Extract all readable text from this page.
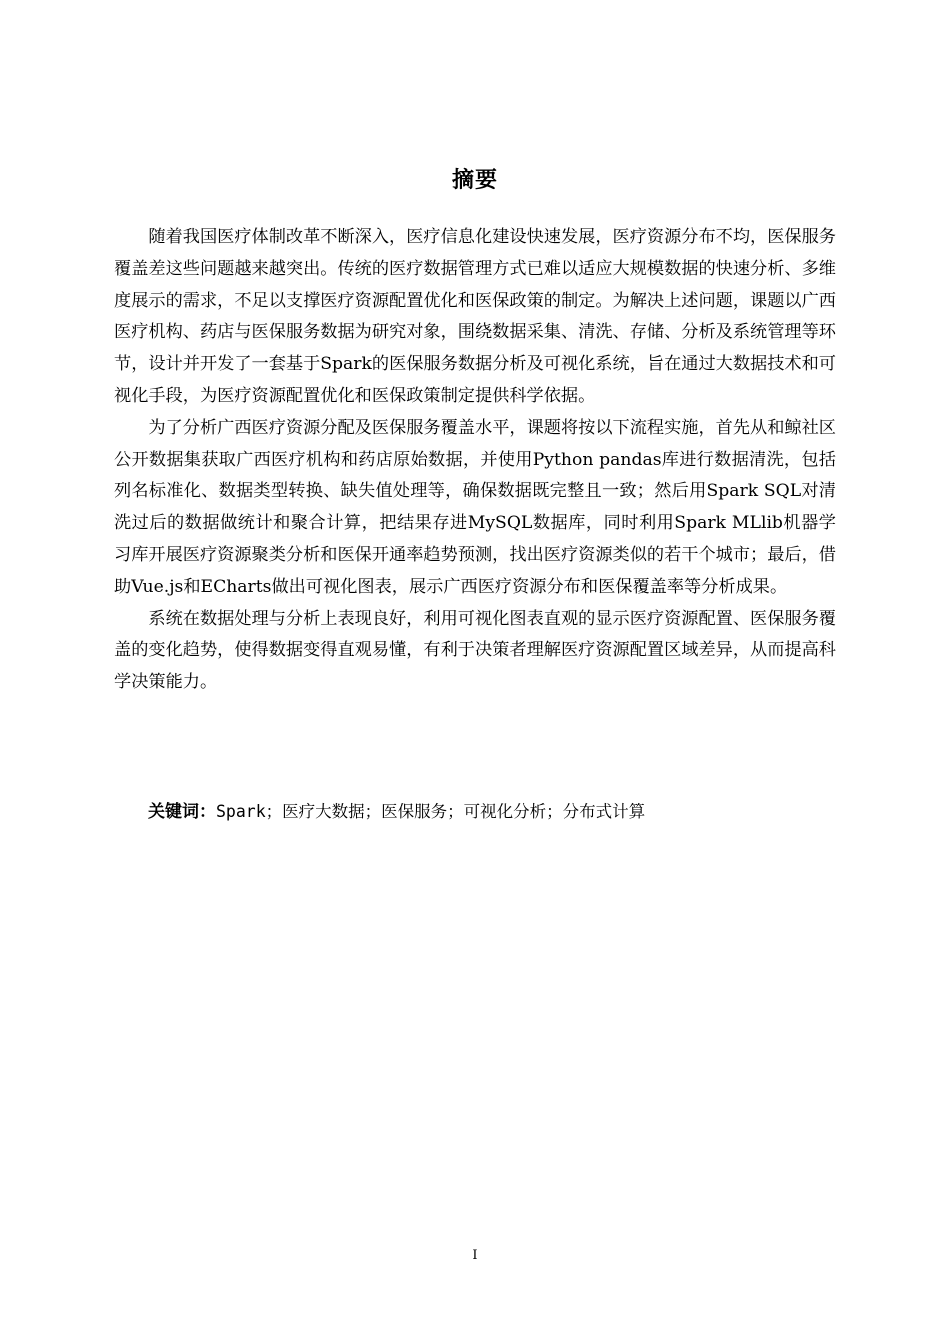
摘要

随着我国医疗体制改革不断深入，医疗信息化建设快速发展，医疗资源分布不均，医保服务覆盖差这些问题越来越突出。传统的医疗数据管理方式已难以适应大规模数据的快速分析、多维度展示的需求，不足以支撑医疗资源配置优化和医保政策的制定。为解决上述问题，课题以广西医疗机构、药店与医保服务数据为研究对象，围绕数据采集、清洗、存储、分析及系统管理等环节，设计并开发了一套基于Spark的医保服务数据分析及可视化系统，旨在通过大数据技术和可视化手段，为医疗资源配置优化和医保政策制定提供科学依据。

为了分析广西医疗资源分配及医保服务覆盖水平，课题将按以下流程实施，首先从和鲸社区公开数据集获取广西医疗机构和药店原始数据，并使用Python pandas库进行数据清洗，包括列名标准化、数据类型转换、缺失值处理等，确保数据既完整且一致；然后用Spark SQL对清洗过后的数据做统计和聚合计算，把结果存进MySQL数据库，同时利用Spark MLlib机器学习库开展医疗资源聚类分析和医保开通率趋势预测，找出医疗资源类似的若干个城市；最后，借助Vue.js和ECharts做出可视化图表，展示广西医疗资源分布和医保覆盖率等分析成果。

系统在数据处理与分析上表现良好，利用可视化图表直观的显示医疗资源配置、医保服务覆盖的变化趋势，使得数据变得直观易懂，有利于决策者理解医疗资源配置区域差异，从而提高科学决策能力。

关键词：Spark；医疗大数据；医保服务；可视化分析；分布式计算
I
